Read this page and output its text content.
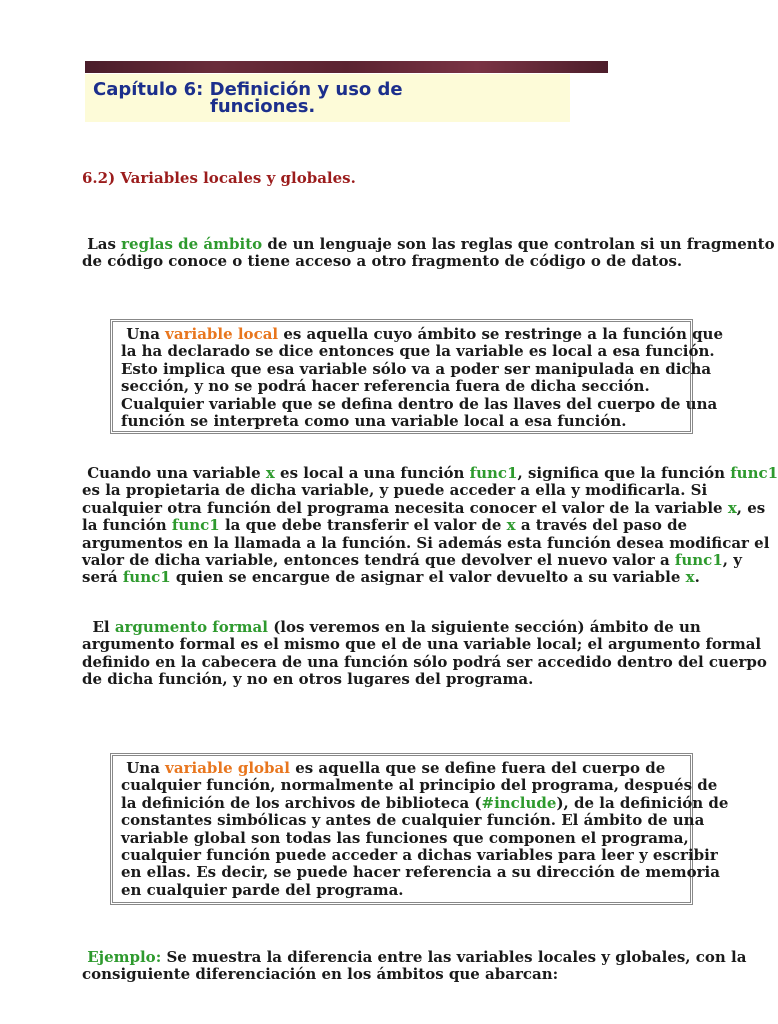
Capítulo 6: Definición y uso de
funciones.
6.2) Variables locales y globales.

Las reglas de ámbito de un lenguaje son las reglas que controlan si un fragmento
de código conoce o tiene acceso a otro fragmento de código o de datos.

Una variable local es aquella cuyo ámbito se restringe a la función que
la ha declarado se dice entonces que la variable es local a esa función.
Esto implica que esa variable sólo va a poder ser manipulada en dicha
sección, y no se podrá hacer referencia fuera de dicha sección.
Cualquier variable que se defina dentro de las llaves del cuerpo de una
función se interpreta como una variable local a esa función.

Cuando una variable x es local a una función func1, significa que la función func1
es la propietaria de dicha variable, y puede acceder a ella y modificarla. Si
cualquier otra función del programa necesita conocer el valor de la variable x, es
la función func1 la que debe transferir el valor de x a través del paso de
argumentos en la llamada a la función. Si además esta función desea modificar el
valor de dicha variable, entonces tendrá que devolver el nuevo valor a func1, y
será func1 quien se encargue de asignar el valor devuelto a su variable x.

El argumento formal (los veremos en la siguiente sección) ámbito de un
argumento formal es el mismo que el de una variable local; el argumento formal
definido en la cabecera de una función sólo podrá ser accedido dentro del cuerpo
de dicha función, y no en otros lugares del programa.

Una variable global es aquella que se define fuera del cuerpo de
cualquier función, normalmente al principio del programa, después de
la definición de los archivos de biblioteca (#include), de la definición de
constantes simbólicas y antes de cualquier función. El ámbito de una
variable global son todas las funciones que componen el programa,
cualquier función puede acceder a dichas variables para leer y escribir
en ellas. Es decir, se puede hacer referencia a su dirección de memoria
en cualquier parde del programa.

Ejemplo: Se muestra la diferencia entre las variables locales y globales, con la
consiguiente diferenciación en los ámbitos que abarcan:
